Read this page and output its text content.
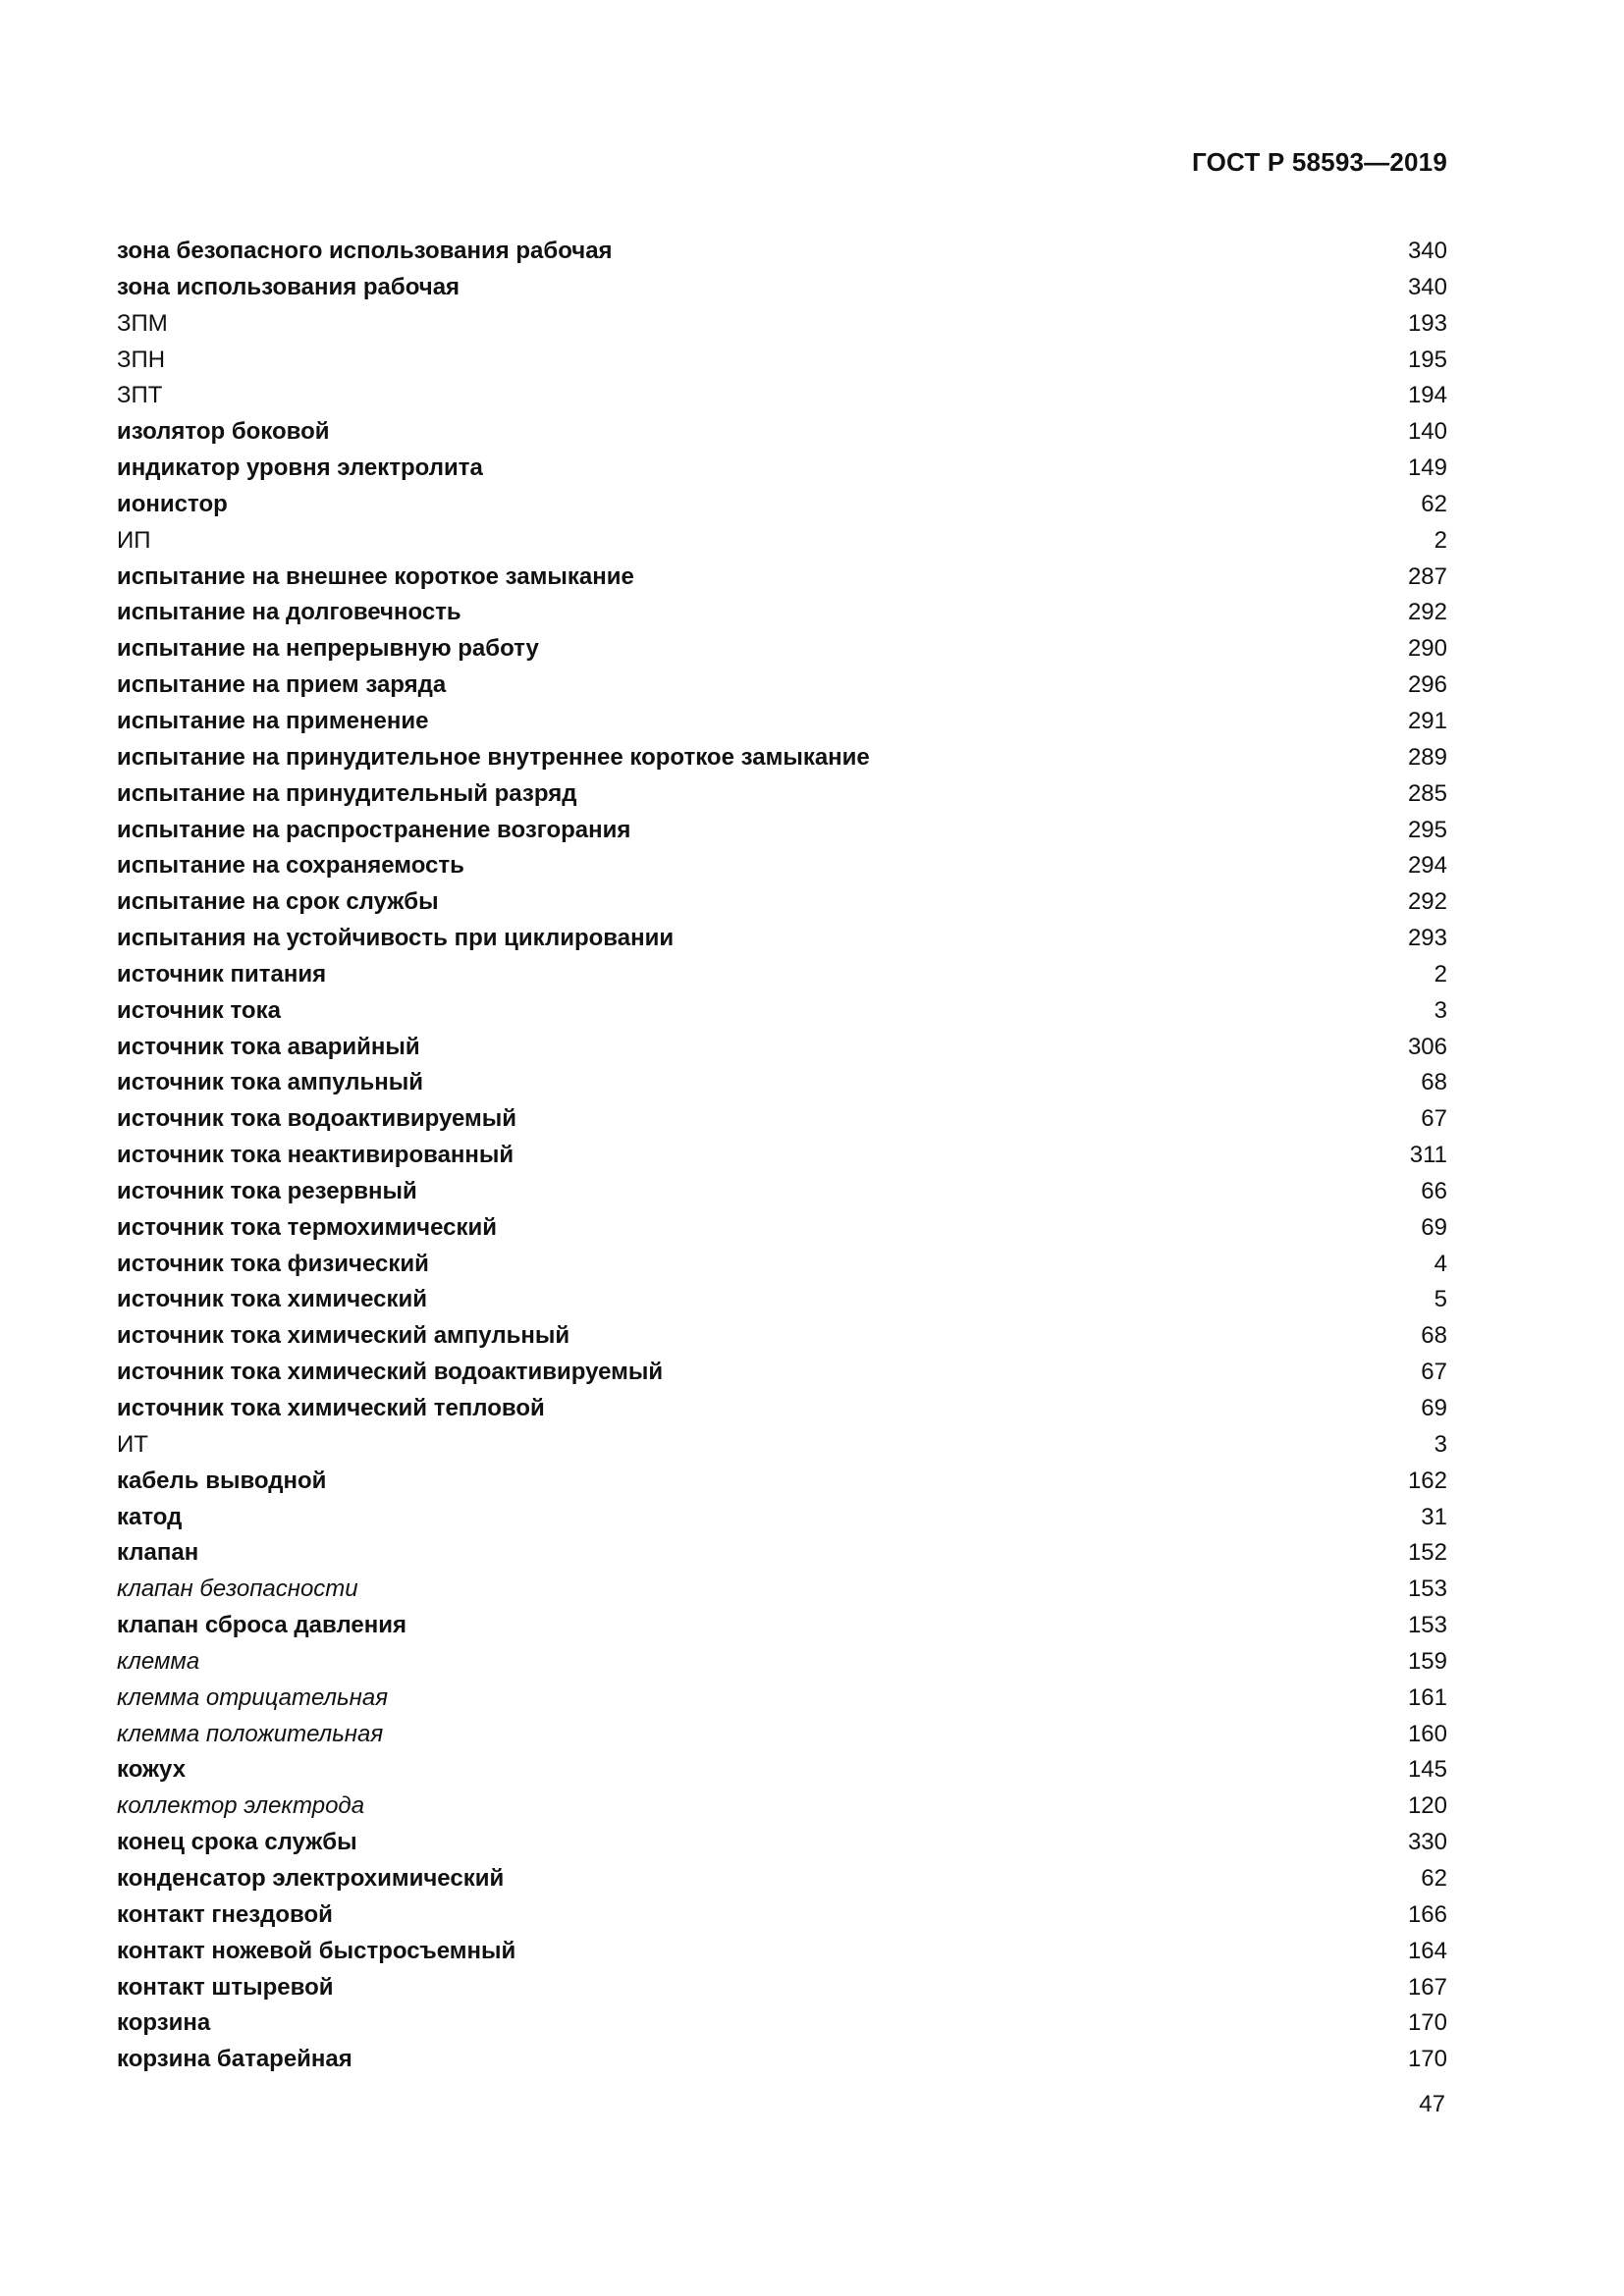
ГОСТ Р 58593—2019
зона безопасного использования рабочая	340
зона использования рабочая	340
ЗПМ	193
ЗПН	195
ЗПТ	194
изолятор боковой	140
индикатор уровня электролита	149
ионистор	62
ИП	2
испытание на внешнее короткое замыкание	287
испытание на долговечность	292
испытание на непрерывную работу	290
испытание на прием заряда	296
испытание на применение	291
испытание на принудительное внутреннее короткое замыкание	289
испытание на принудительный разряд	285
испытание на распространение возгорания	295
испытание на сохраняемость	294
испытание на срок службы	292
испытания на устойчивость при циклировании	293
источник питания	2
источник тока	3
источник тока аварийный	306
источник тока ампульный	68
источник тока водоактивируемый	67
источник тока неактивированный	311
источник тока резервный	66
источник тока термохимический	69
источник тока физический	4
источник тока химический	5
источник тока химический ампульный	68
источник тока химический водоактивируемый	67
источник тока химический тепловой	69
ИТ	3
кабель выводной	162
катод	31
клапан	152
клапан безопасности	153
клапан сброса давления	153
клемма	159
клемма отрицательная	161
клемма положительная	160
кожух	145
коллектор электрода	120
конец срока службы	330
конденсатор электрохимический	62
контакт гнездовой	166
контакт ножевой быстросъемный	164
контакт штыревой	167
корзина	170
корзина батарейная	170
47
